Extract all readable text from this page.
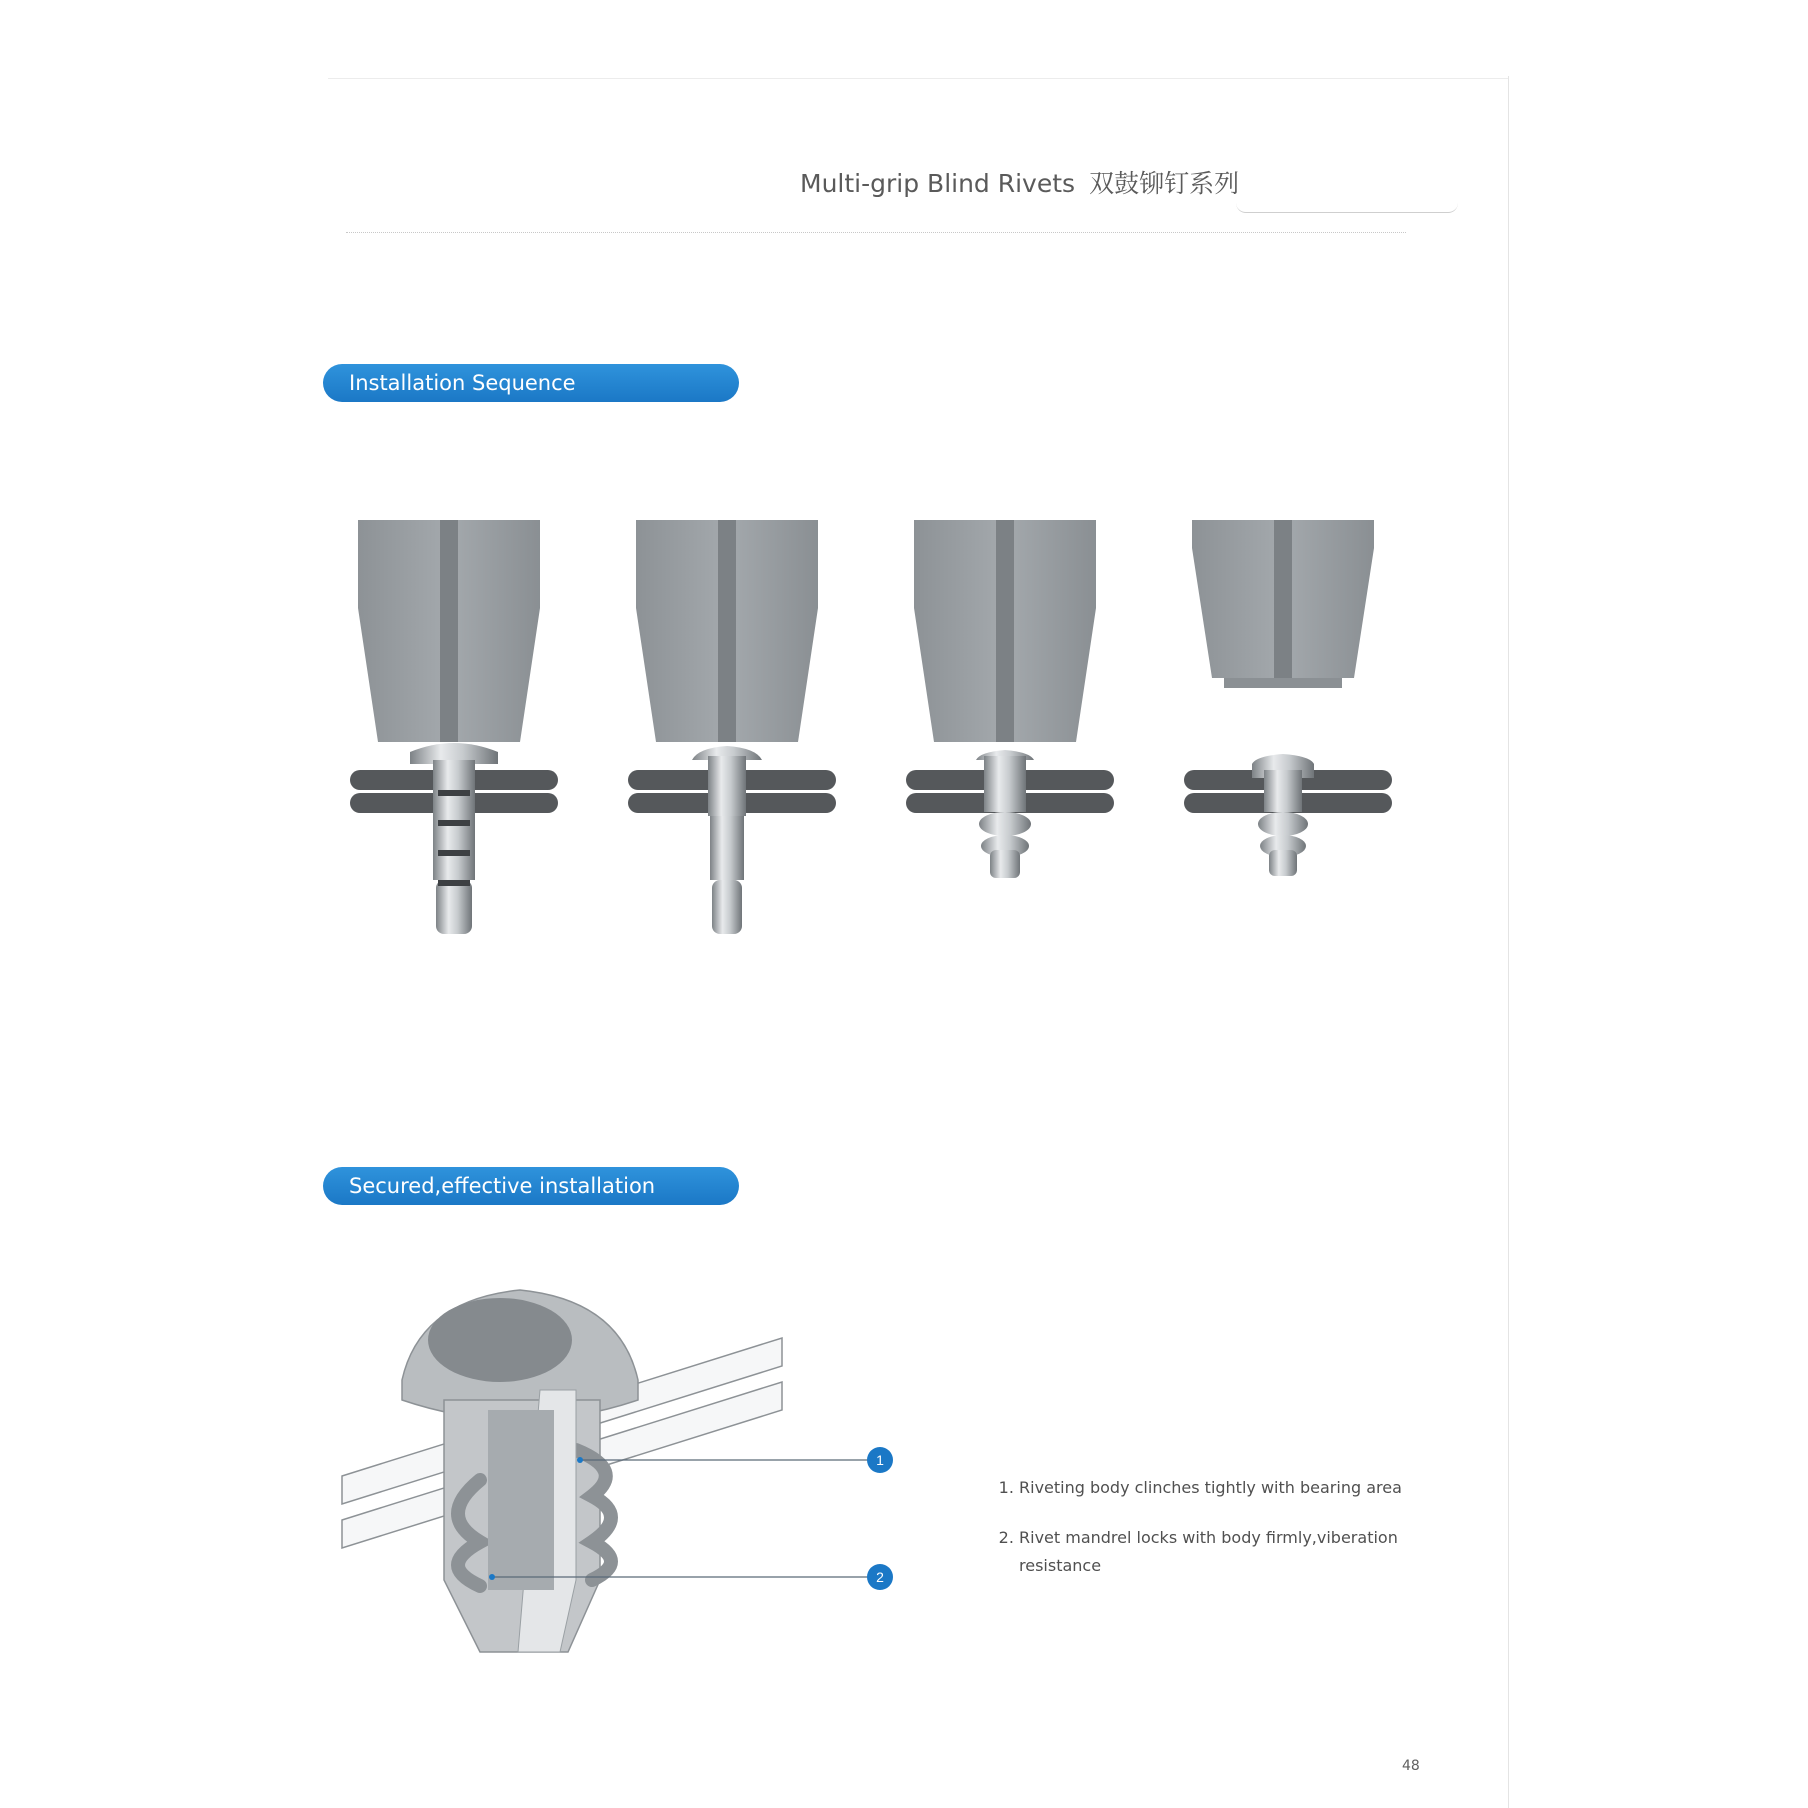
Multi-grip Blind Rivets 双鼓铆钉系列
Installation Sequence
Secured,effective installation
1
2
1. Riveting body clinches tightly with bearing area
2. Rivet mandrel locks with body firmly,viberation resistance
48
